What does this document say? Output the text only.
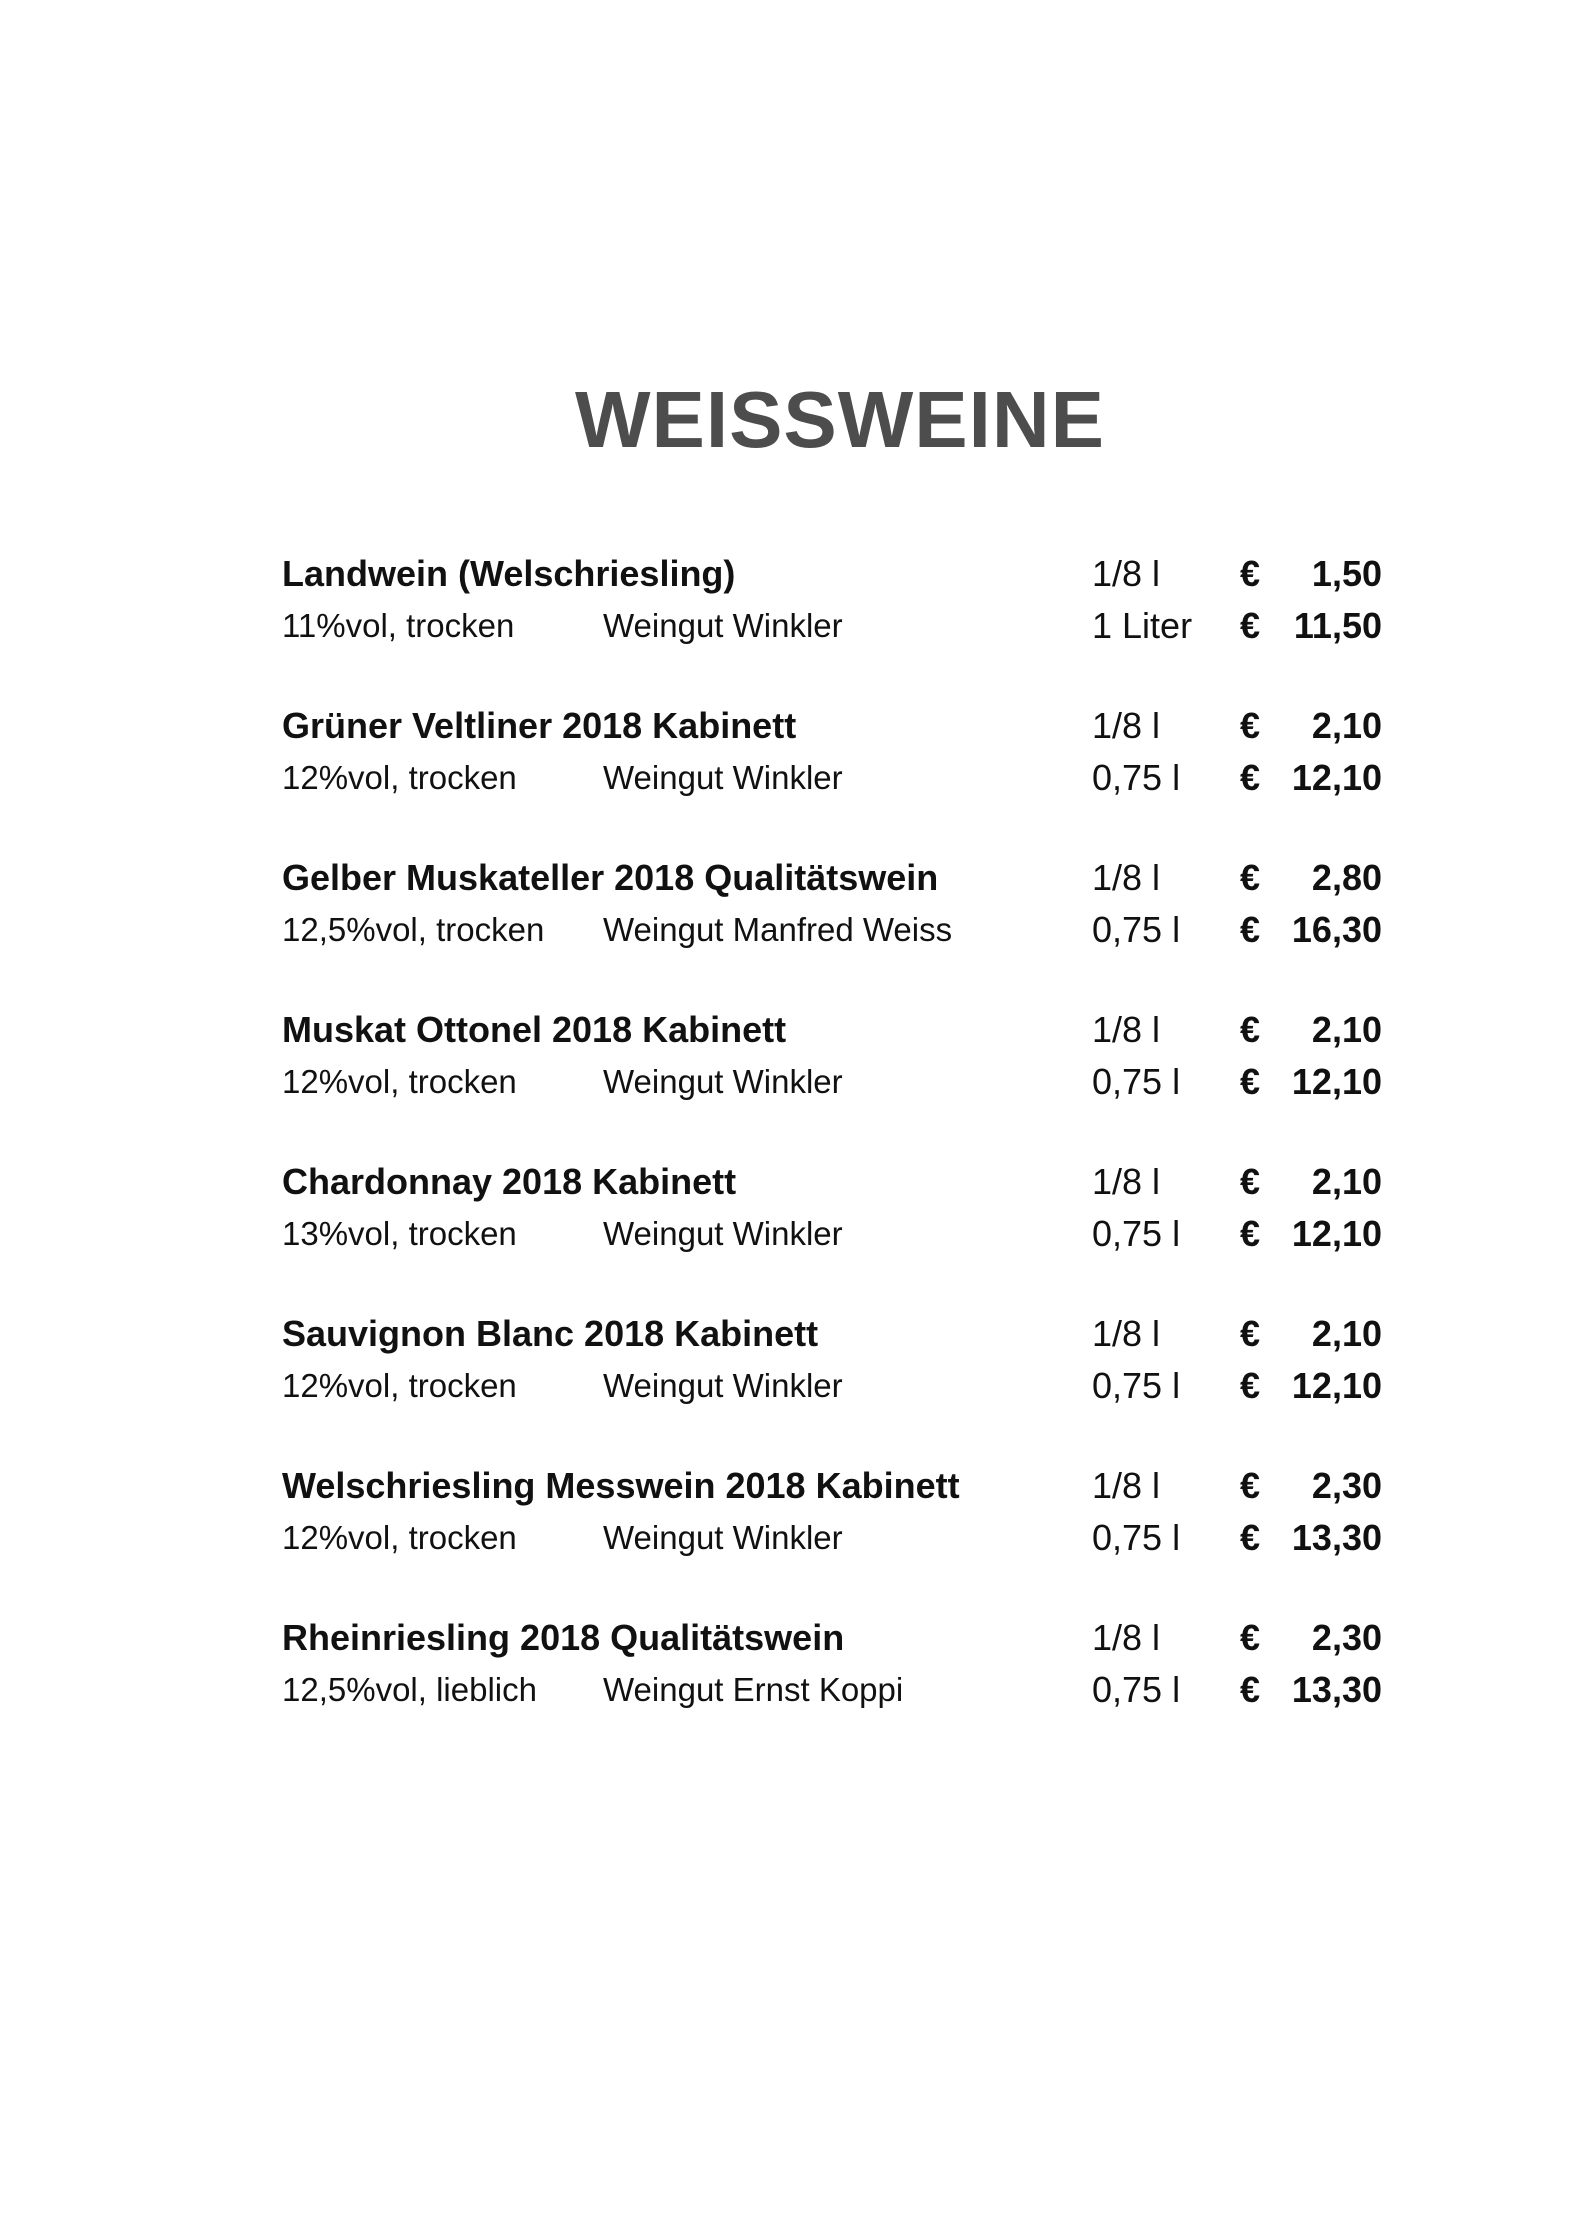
WEISSWEINE
Landwein (Welschriesling)	1/8 l €	1,50
11%vol, trocken	Weingut Winkler	1 Liter € 11,50
Grüner Veltliner 2018 Kabinett	1/8 l €	2,10
12%vol, trocken	Weingut Winkler	0,75 l € 12,10
Gelber Muskateller 2018 Qualitätswein	1/8 l €	2,80
12,5%vol, trocken Weingut Manfred Weiss	0,75 l € 16,30
Muskat Ottonel 2018 Kabinett	1/8 l €	2,10
12%vol, trocken	Weingut Winkler	0,75 l € 12,10
Chardonnay 2018 Kabinett	1/8 l €	2,10
13%vol, trocken	Weingut Winkler	0,75 l € 12,10
Sauvignon Blanc 2018 Kabinett	1/8 l €	2,10
12%vol, trocken	Weingut Winkler	0,75 l € 12,10
Welschriesling Messwein 2018 Kabinett	1/8 l €	2,30
12%vol, trocken	Weingut Winkler	0,75 l € 13,30
Rheinriesling 2018 Qualitätswein	1/8 l €	2,30
12,5%vol, lieblich Weingut Ernst Koppi	0,75 l € 13,30
